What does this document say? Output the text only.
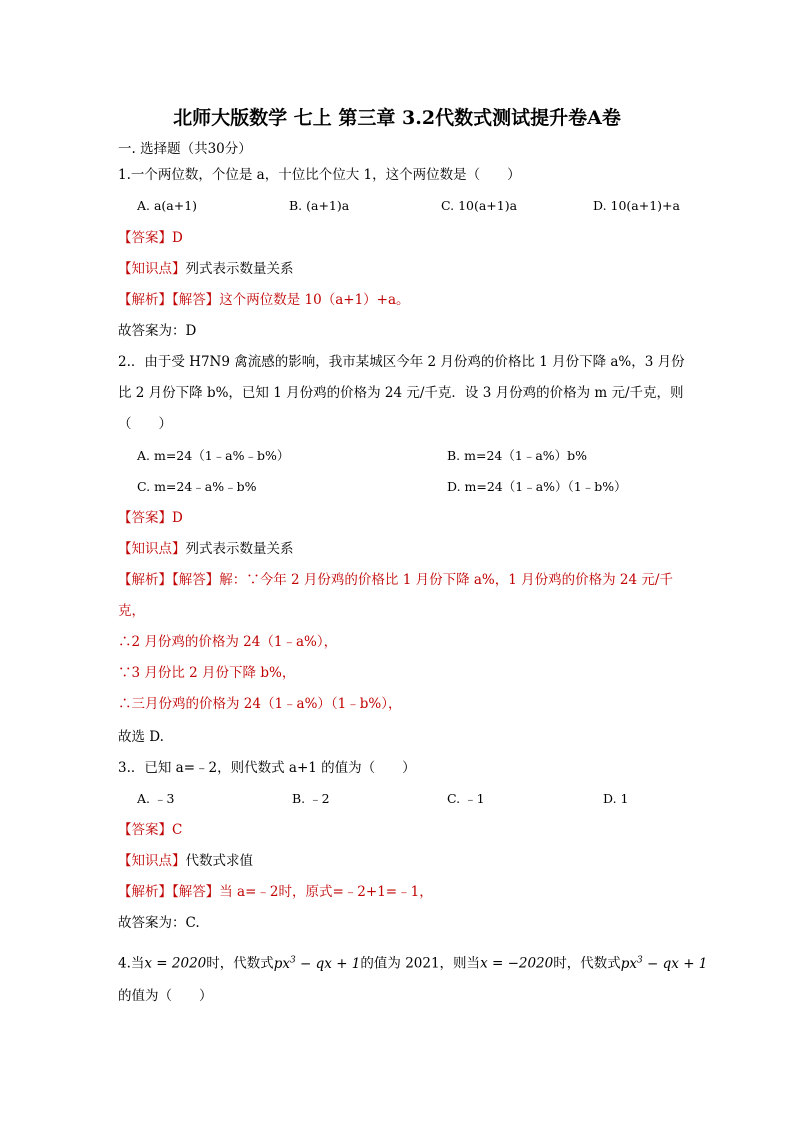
北师大版数学 七上 第三章 3.2代数式测试提升卷A卷
一. 选择题（共30分）
1.一个两位数，个位是 a，十位比个位大 1，这个两位数是（　　）
A. a(a+1)	B. (a+1)a	C. 10(a+1)a	D. 10(a+1)+a
【答案】D
【知识点】列式表示数量关系
【解析】【解答】这个两位数是 10（a+1）+a。
故答案为：D
2.．由于受 H7N9 禽流感的影响，我市某城区今年 2 月份鸡的价格比 1 月份下降 a%，3 月份
比 2 月份下降 b%，已知 1 月份鸡的价格为 24 元/千克．设 3 月份鸡的价格为 m 元/千克，则
（　　）
A. m=24（1﹣a%﹣b%）	B. m=24（1﹣a%）b%
C. m=24﹣a%﹣b%	D. m=24（1﹣a%）（1﹣b%）
【答案】D
【知识点】列式表示数量关系
【解析】【解答】解：∵今年 2 月份鸡的价格比 1 月份下降 a%，1 月份鸡的价格为 24 元/千
克，
∴2 月份鸡的价格为 24（1﹣a%），
∵3 月份比 2 月份下降 b%，
∴三月份鸡的价格为 24（1﹣a%）（1﹣b%），
故选 D.
3.．已知 a=﹣2，则代数式 a+1 的值为（　　）
A. ﹣3	B. ﹣2	C. ﹣1	D. 1
【答案】C
【知识点】代数式求值
【解析】【解答】当 a=﹣2时，原式=﹣2+1=﹣1，
故答案为：C.
4.当x = 2020时，代数式$px^3$ − qx + 1的值为 2021，则当x = −2020时，代数式$px^3$ − qx + 1
的值为（　　）
